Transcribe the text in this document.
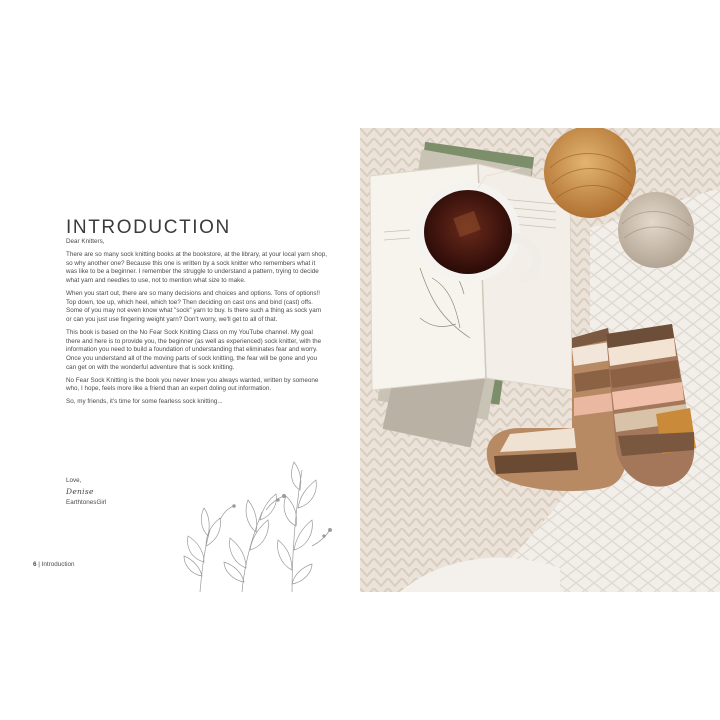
INTRODUCTION

Dear Knitters,

There are so many sock knitting books at the bookstore, at the library, at your local yarn shop, so why another one? Because this one is written by a sock knitter who remembers what it was like to be a beginner. I remember the struggle to understand a pattern, trying to decide what yarn and needles to use, not to mention what size to make.

When you start out, there are so many decisions and choices and options. Tons of options!! Top down, toe up, which heel, which toe? Then deciding on cast ons and bind (cast) offs. Some of you may not even know what "sock" yarn to buy. Is there such a thing as sock yarn or can you just use fingering weight yarn? Don't worry, we'll get to all of that.

This book is based on the No Fear Sock Knitting Class on my YouTube channel. My goal there and here is to provide you, the beginner (as well as experienced) sock knitter, with the information you need to build a foundation of understanding that eliminates fear and worry. Once you understand all of the moving parts of sock knitting, the fear will be gone and you can get on with the wonderful adventure that is sock knitting.

No Fear Sock Knitting is the book you never knew you always wanted, written by someone who, I hope, feels more like a friend than an expert doling out information.

So, my friends, it's time for some fearless sock knitting...

Love,
Denise
EarthtonesGirl
6 | Introduction
